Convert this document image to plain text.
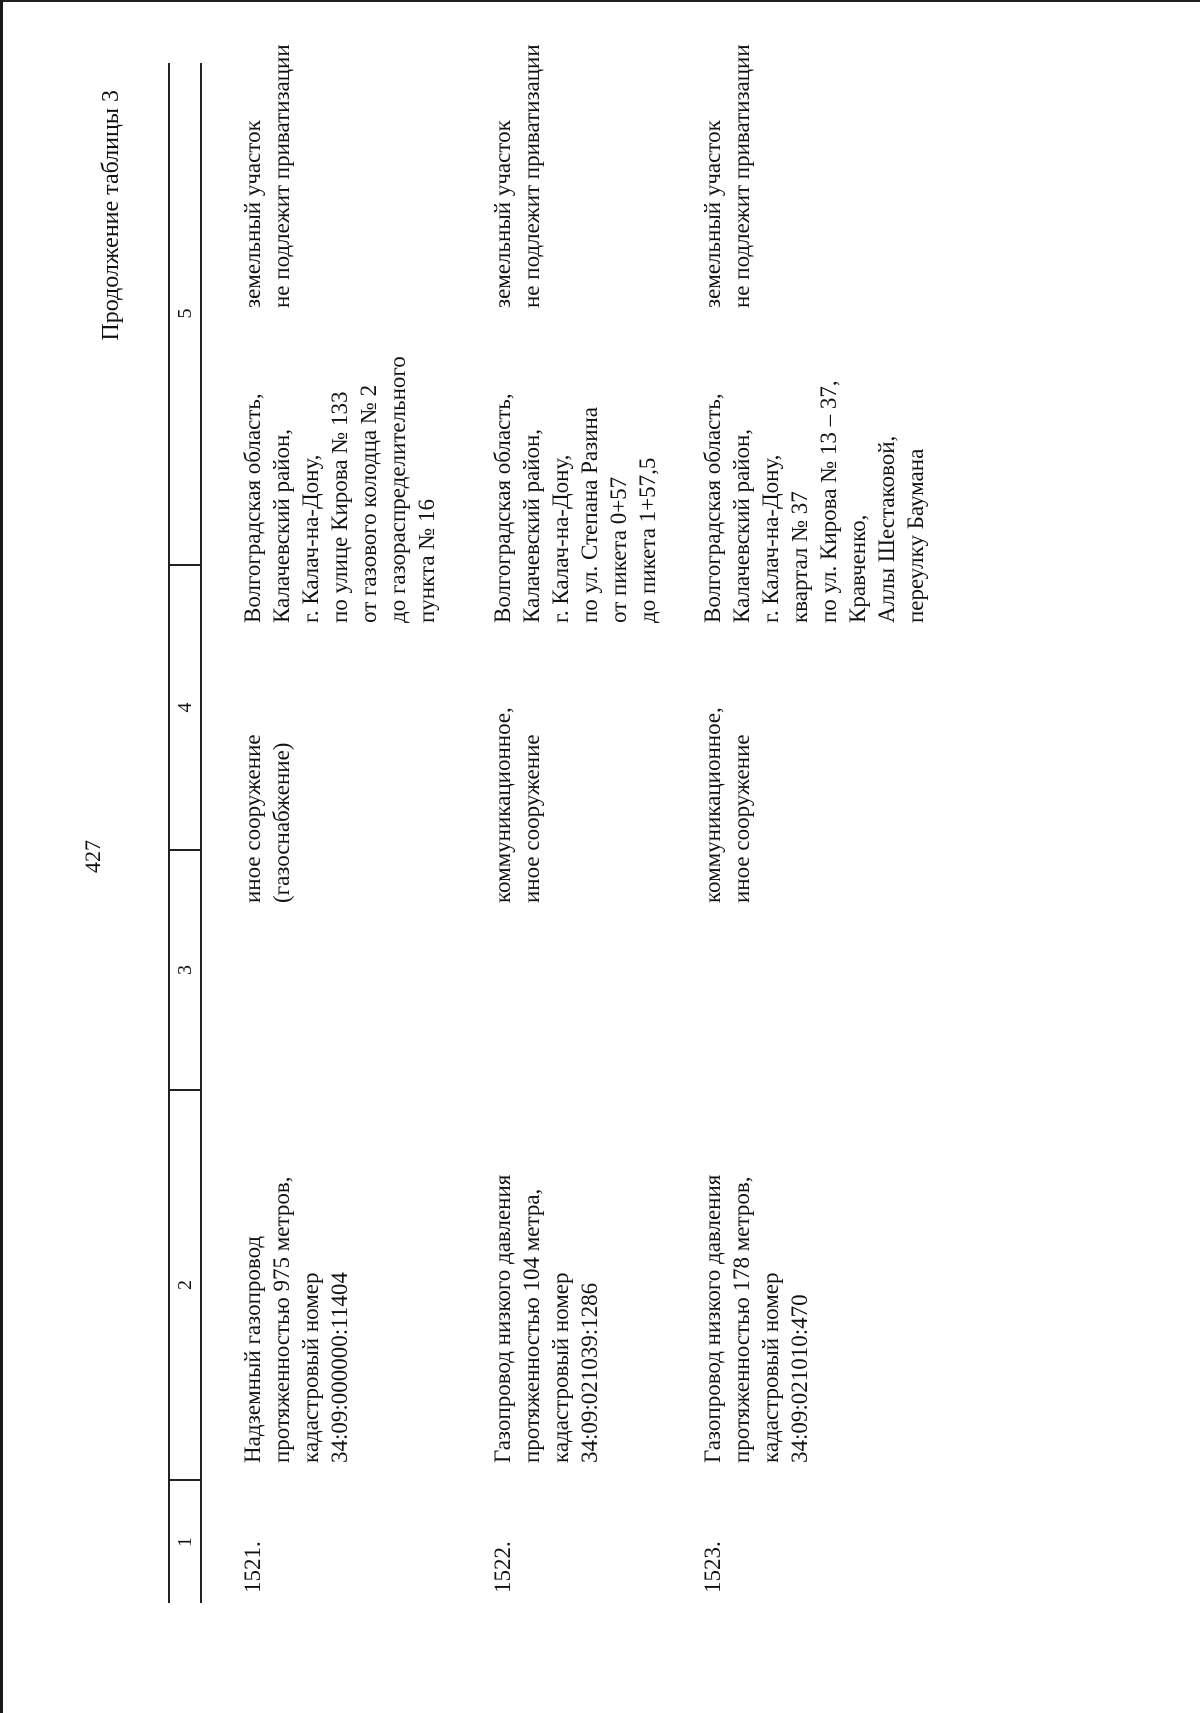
427
Продолжение таблицы 3
1
2
3
4
5
1521.
Надземный газопровод
протяженностью 975 метров,
кадастровый номер
34:09:000000:11404
иное сооружение
(газоснабжение)
Волгоградская область,
Калачевский район,
г. Калач-на-Дону,
по улице Кирова № 133
от газового колодца № 2
до газораспределительного
пункта № 16
земельный участок
не подлежит приватизации
1522.
Газопровод низкого давления
протяженностью 104 метра,
кадастровый номер
34:09:021039:1286
коммуникационное,
иное сооружение
Волгоградская область,
Калачевский район,
г. Калач-на-Дону,
по ул. Степана Разина
от пикета 0+57
до пикета 1+57,5
земельный участок
не подлежит приватизации
1523.
Газопровод низкого давления
протяженностью 178 метров,
кадастровый номер
34:09:021010:470
коммуникационное,
иное сооружение
Волгоградская область,
Калачевский район,
г. Калач-на-Дону,
квартал № 37
по ул. Кирова № 13 – 37,
Кравченко,
Аллы Шестаковой,
переулку Баумана
земельный участок
не подлежит приватизации
